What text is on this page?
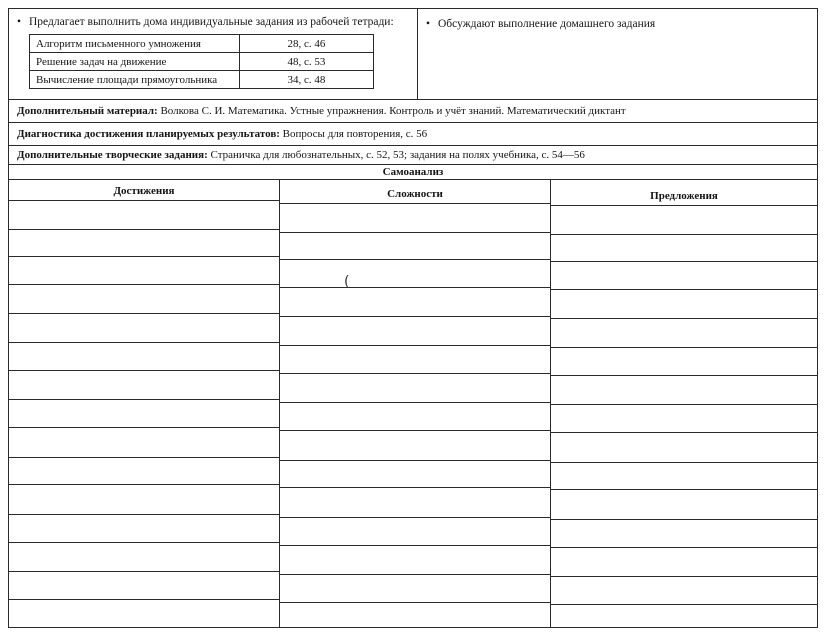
• Предлагает выполнить дома индивидуальные задания из рабочей тетради:
Алгоритм письменного умножения	28, с. 46
Решение задач на движение	48, с. 53
Вычисление площади прямоугольника	34, с. 48
• Обсуждают выполнение домашнего задания
Дополнительный материал: Волкова С. И. Математика. Устные упражнения. Контроль и учёт знаний. Математический диктант
Диагностика достижения планируемых результатов: Вопросы для повторения, с. 56
Дополнительные творческие задания: Страничка для любознательных, с. 52, 53; задания на полях учебника, с. 54—56
Самоанализ
Достижения	Сложности	Предложения
(
